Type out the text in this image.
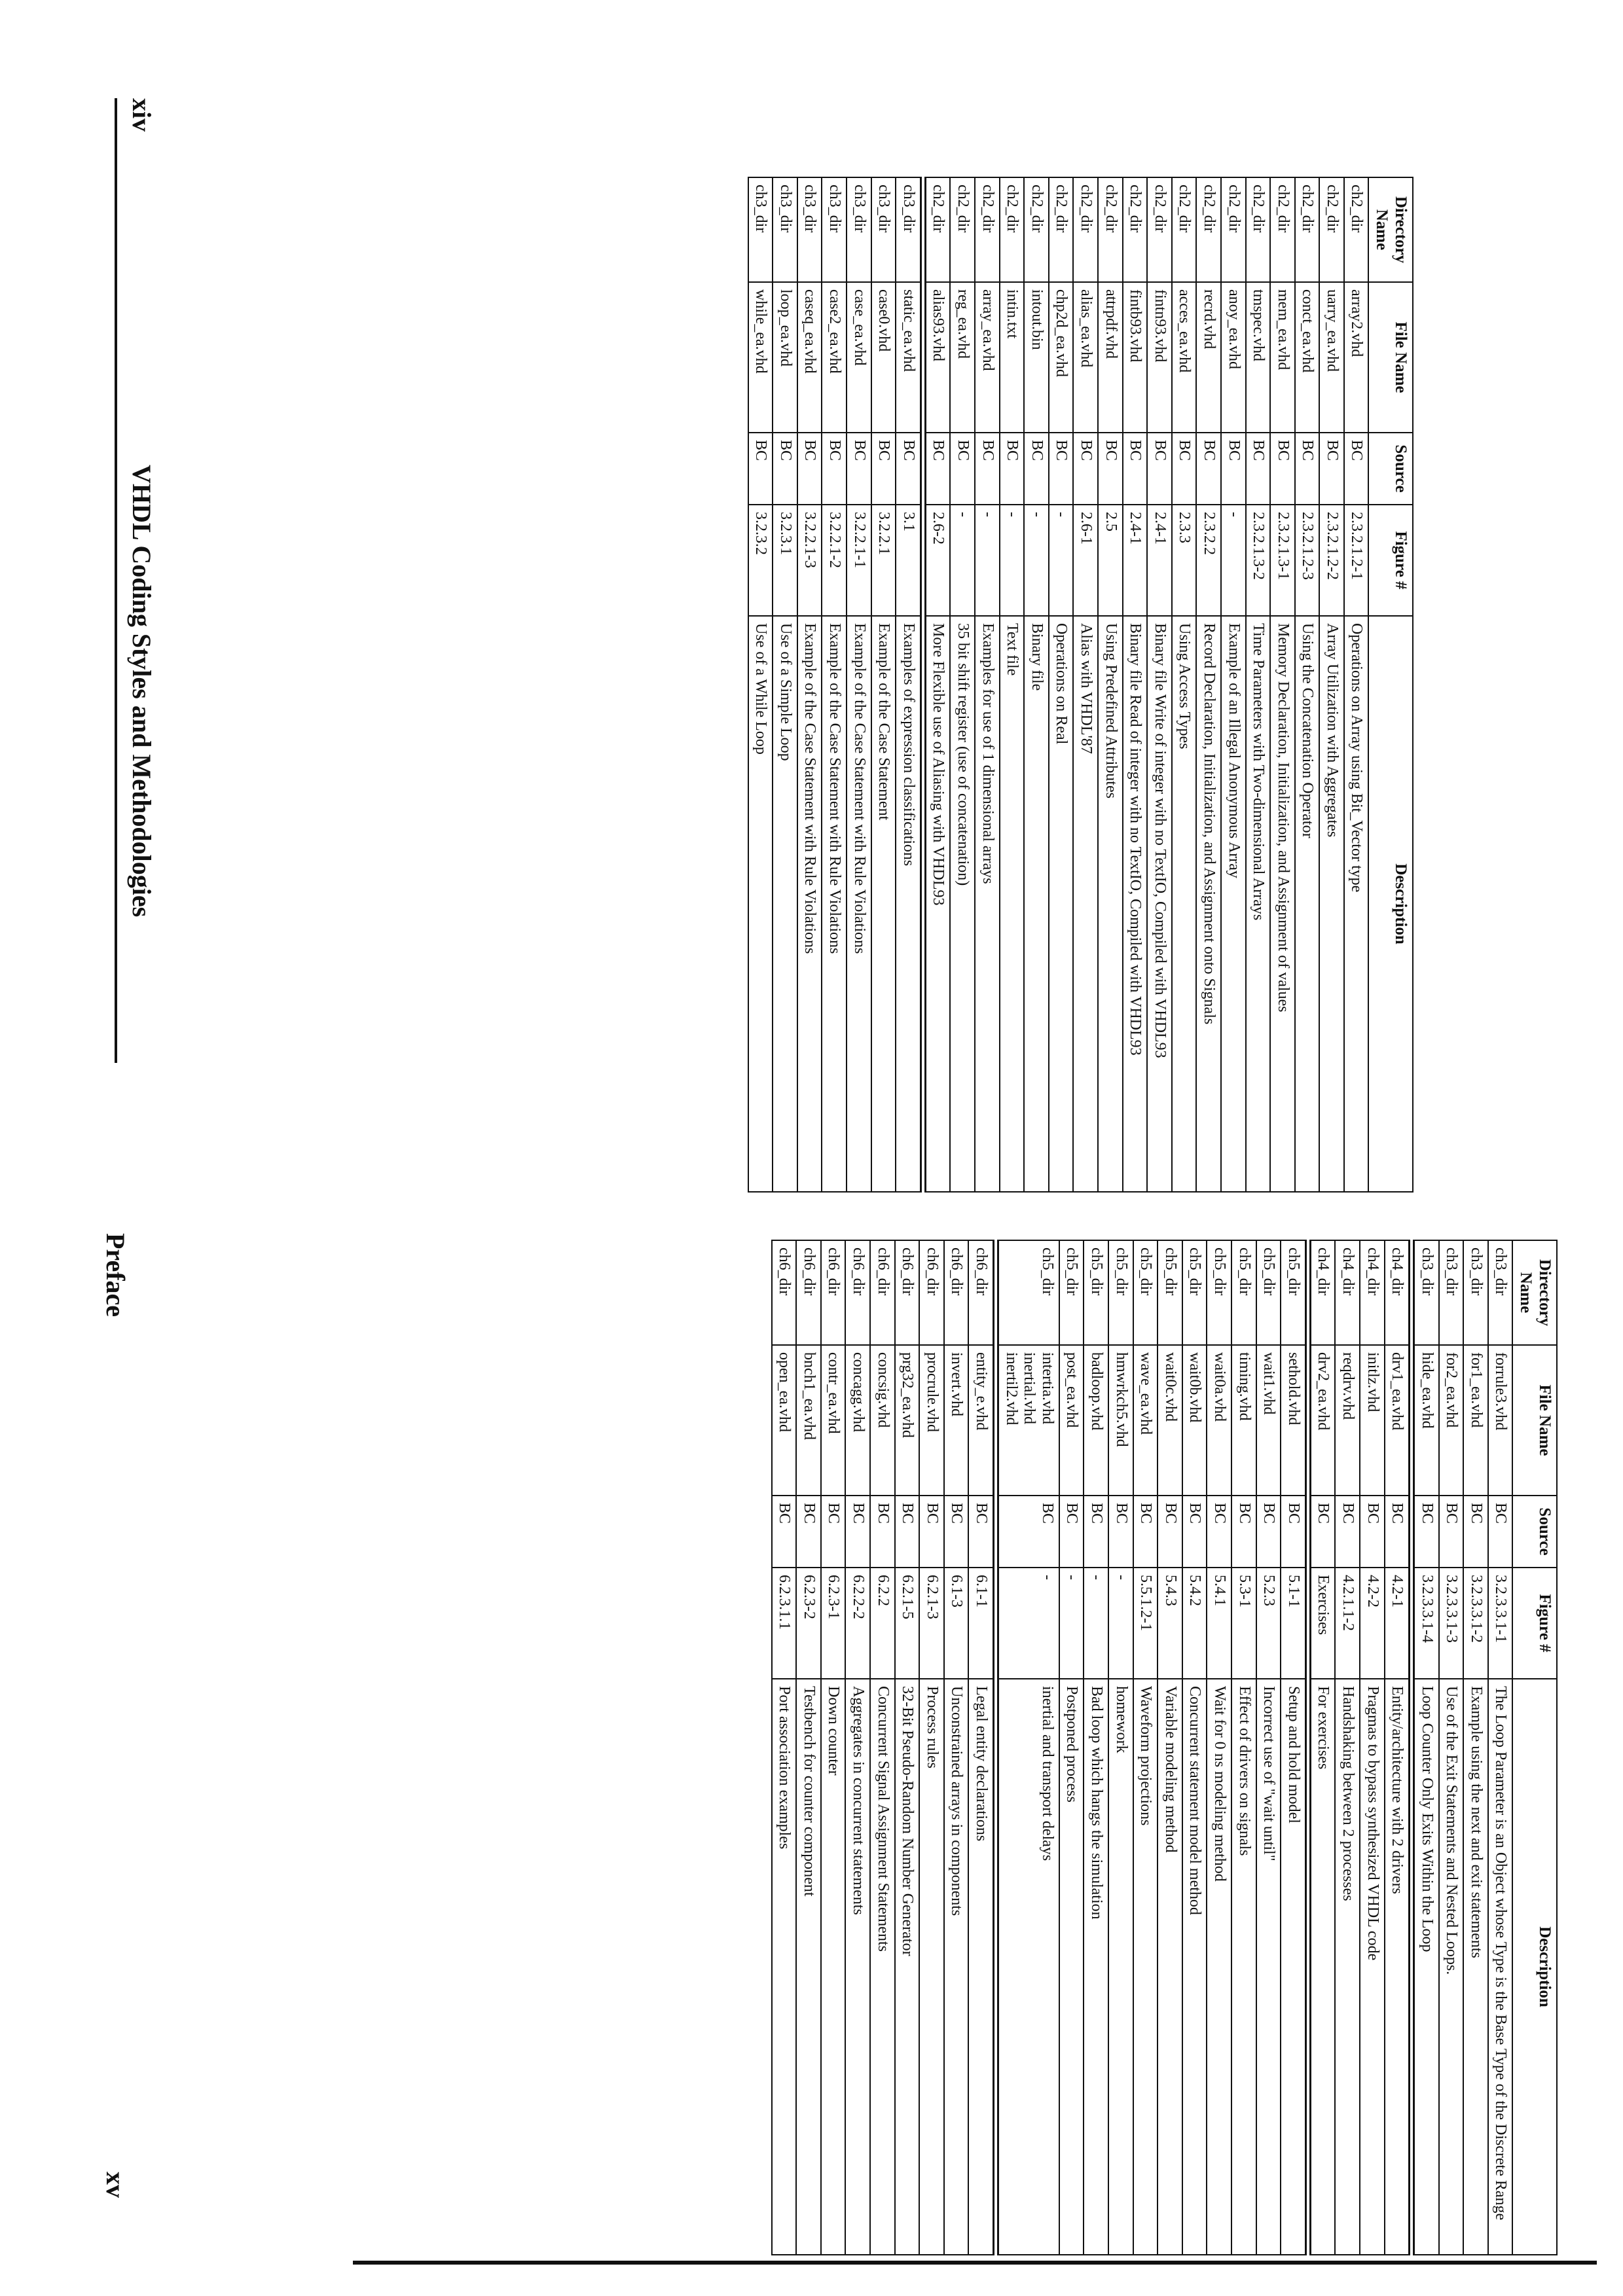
xiv
VHDL Coding Styles and Methodologies
Directory Name	File Name	Source	Figure #	Description
ch2_dir	array2.vhd	BC	2.3.2.1.2-1	Operations on Array using Bit_Vector type
ch2_dir	uarry_ea.vhd	BC	2.3.2.1.2-2	Array Utilization with Aggregates
ch2_dir	conct_ea.vhd	BC	2.3.2.1.2-3	Using the Concatenation Operator
ch2_dir	mem_ea.vhd	BC	2.3.2.1.3-1	Memory Declaration, Initialization, and Assignment of values
ch2_dir	tmspec.vhd	BC	2.3.2.1.3-2	Time Parameters with Two-dimensional Arrays
ch2_dir	anoy_ea.vhd	BC	-	Example of an Illegal Anonymous Array
ch2_dir	recrd.vhd	BC	2.3.2.2	Record Declaration, Initialization, and Assignment onto Signals
ch2_dir	acces_ea.vhd	BC	2.3.3	Using Access Types
ch2_dir	fintn93.vhd	BC	2.4-1	Binary file Write of integer with no TextIO, Compiled with VHDL93
ch2_dir	fintb93.vhd	BC	2.4-1	Binary file Read of integer with no TextIO, Compiled with VHDL93
ch2_dir	attrpdf.vhd	BC	2.5	Using Predefined Attributes
ch2_dir	alias_ea.vhd	BC	2.6-1	Alias with VHDL'87
ch2_dir	chp2d_ea.vhd	BC	-	Operations on Real
ch2_dir	intout.bin	BC	-	Binary file
ch2_dir	intin.txt	BC	-	Text file
ch2_dir	array_ea.vhd	BC	-	Examples for use of 1 dimensional arrays
ch2_dir	reg_ea.vhd	BC	-	35 bit shift register (use of concatenation)
ch2_dir	alias93.vhd	BC	2.6-2	More Flexible use of Aliasing with VHDL93
ch3_dir	static_ea.vhd	BC	3.1	Examples of expression classifications
ch3_dir	case0.vhd	BC	3.2.2.1	Example of the Case Statement
ch3_dir	case_ea.vhd	BC	3.2.2.1-1	Example of the Case Statement with Rule Violations
ch3_dir	case2_ea.vhd	BC	3.2.2.1-2	Example of the Case Statement with Rule Violations
ch3_dir	caseq_ea.vhd	BC	3.2.2.1-3	Example of the Case Statement with Rule Violations
ch3_dir	loop_ea.vhd	BC	3.2.3.1	Use of a Simple Loop
ch3_dir	while_ea.vhd	BC	3.2.3.2	Use of a While Loop
Preface
xv
Directory Name	File Name	Source	Figure #	Description
ch3_dir	forrule3.vhd	BC	3.2.3.3.1-1	The Loop Parameter is an Object whose Type is the Base Type of the Discrete Range
ch3_dir	for1_ea.vhd	BC	3.2.3.3.1-2	Example using the next and exit statements
ch3_dir	for2_ea.vhd	BC	3.2.3.3.1-3	Use of the Exit Statements and Nested Loops.
ch3_dir	hide_ea.vhd	BC	3.2.3.3.1-4	Loop Counter Only Exits Within the Loop
ch4_dir	drv1_ea.vhd	BC	4.2-1	Entity/architecture with 2 drivers
ch4_dir	initlz.vhd	BC	4.2-2	Pragmas to bypass synthesized VHDL code
ch4_dir	reqdrv.vhd	BC	4.2.1.1-2	Handshaking between 2 processes
ch4_dir	drv2_ea.vhd	BC	Exercises	For exercises
ch5_dir	sethold.vhd	BC	5.1-1	Setup and hold model
ch5_dir	wait1.vhd	BC	5.2.3	Incorrect use of "wait until"
ch5_dir	timing.vhd	BC	5.3-1	Effect of drivers on signals
ch5_dir	wait0a.vhd	BC	5.4.1	Wait for 0 ns modeling method
ch5_dir	wait0b.vhd	BC	5.4.2	Concurrent statement model method
ch5_dir	wait0c.vhd	BC	5.4.3	Variable modeling method
ch5_dir	wave_ea.vhd	BC	5.5.1.2-1	Waveform projections
ch5_dir	hmwrkch5.vhd	BC	-	homework
ch5_dir	badloop.vhd	BC	-	Bad loop which hangs the simulation
ch5_dir	post_ea.vhd	BC	-	Postponed process
ch5_dir	intertia.vhd inertial.vhd inertil2.vhd	BC	-	inertial and transport delays
ch6_dir	entity_e.vhd	BC	6.1-1	Legal entity declarations
ch6_dir	invert.vhd	BC	6.1-3	Unconstrained arrays in components
ch6_dir	procrule.vhd	BC	6.2.1-3	Process rules
ch6_dir	prg32_ea.vhd	BC	6.2.1-5	32-Bit Pseudo-Random Number Generator
ch6_dir	concsig.vhd	BC	6.2.2	Concurrent Signal Assignment Statements
ch6_dir	concagg.vhd	BC	6.2.2-2	Aggregates in concurrent statements
ch6_dir	contr_ea.vhd	BC	6.2.3-1	Down counter
ch6_dir	bnch1_ea.vhd	BC	6.2.3-2	Testbench for counter component
ch6_dir	open_ea.vhd	BC	6.2.3.1.1	Port association examples
